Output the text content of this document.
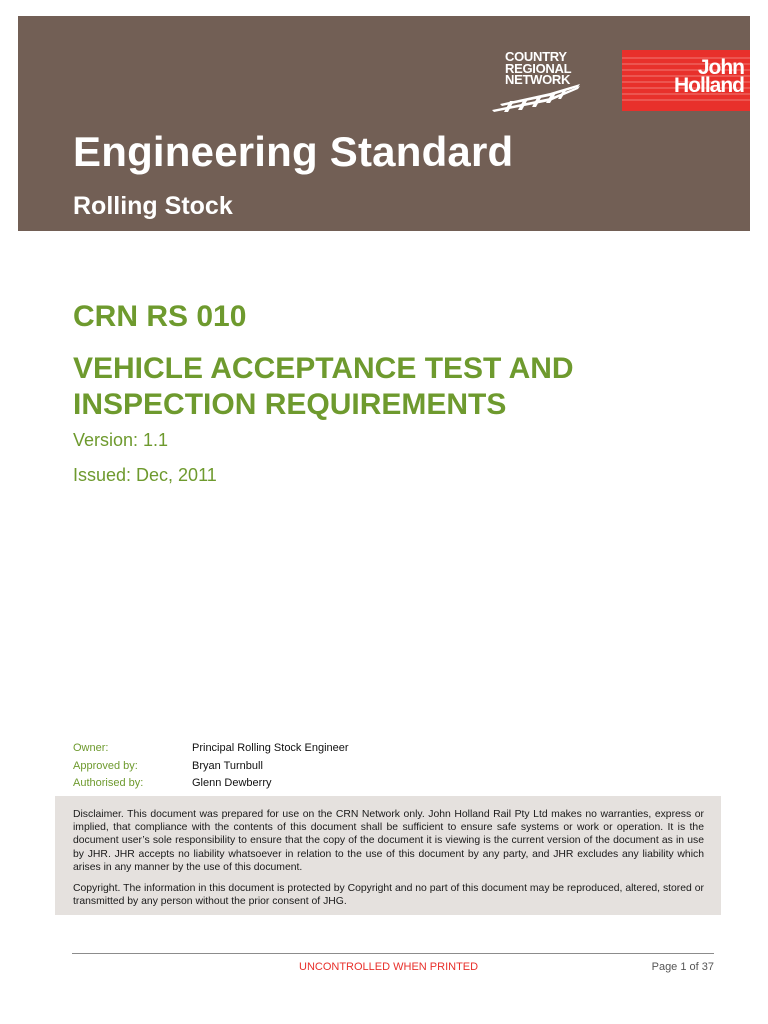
COUNTRY
REGIONAL
NETWORK
John
Holland
Engineering Standard
Rolling Stock
CRN RS 010
VEHICLE ACCEPTANCE TEST AND
INSPECTION REQUIREMENTS
Version: 1.1
Issued: Dec, 2011
Owner:	Principal Rolling Stock Engineer
Approved by:	Bryan Turnbull
Authorised by:	Glenn Dewberry

Disclaimer. This document was prepared for use on the CRN Network only. John Holland Rail Pty Ltd makes no warranties, express or implied, that compliance with the contents of this document shall be sufficient to ensure safe systems or work or operation. It is the document user’s sole responsibility to ensure that the copy of the document it is viewing is the current version of the document as in use by JHR. JHR accepts no liability whatsoever in relation to the use of this document by any party, and JHR excludes any liability which arises in any manner by the use of this document.

Copyright. The information in this document is protected by Copyright and no part of this document may be reproduced, altered, stored or transmitted by any person without the prior consent of JHG.

UNCONTROLLED WHEN PRINTED	Page 1 of 37
